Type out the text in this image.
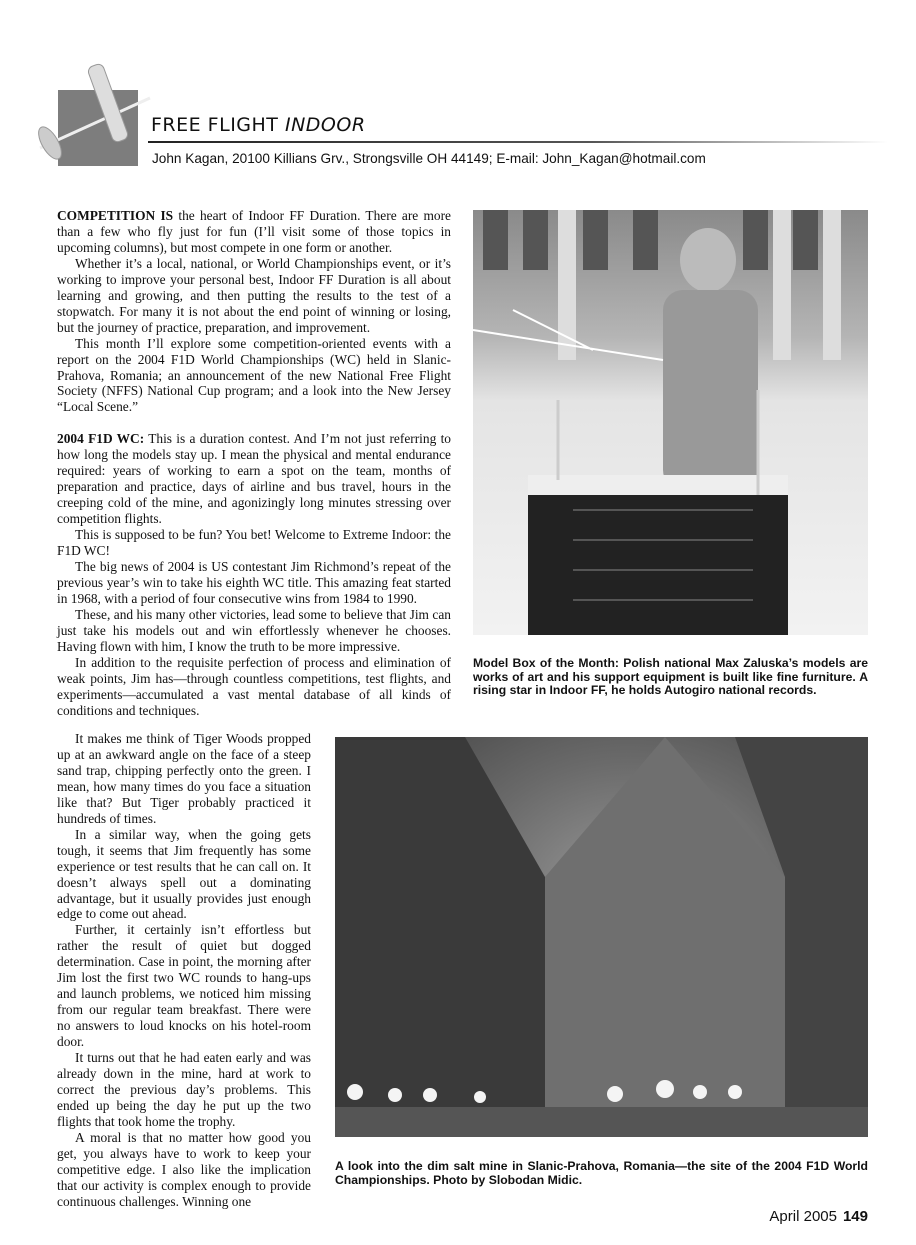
FREE FLIGHT INDOOR
John Kagan, 20100 Killians Grv., Strongsville OH 44149; E-mail: John_Kagan@hotmail.com

COMPETITION IS the heart of Indoor FF Duration. There are more than a few who fly just for fun (I’ll visit some of those topics in upcoming columns), but most compete in one form or another.

Whether it’s a local, national, or World Championships event, or it’s working to improve your personal best, Indoor FF Duration is all about learning and growing, and then putting the results to the test of a stopwatch. For many it is not about the end point of winning or losing, but the journey of practice, preparation, and improvement.

This month I’ll explore some competition-oriented events with a report on the 2004 F1D World Championships (WC) held in Slanic-Prahova, Romania; an announcement of the new National Free Flight Society (NFFS) National Cup program; and a look into the New Jersey “Local Scene.”

2004 F1D WC: This is a duration contest. And I’m not just referring to how long the models stay up. I mean the physical and mental endurance required: years of working to earn a spot on the team, months of preparation and practice, days of airline and bus travel, hours in the creeping cold of the mine, and agonizingly long minutes stressing over competition flights.

This is supposed to be fun? You bet! Welcome to Extreme Indoor: the F1D WC!

The big news of 2004 is US contestant Jim Richmond’s repeat of the previous year’s win to take his eighth WC title. This amazing feat started in 1968, with a period of four consecutive wins from 1984 to 1990.

These, and his many other victories, lead some to believe that Jim can just take his models out and win effortlessly whenever he chooses. Having flown with him, I know the truth to be more impressive.

In addition to the requisite perfection of process and elimination of weak points, Jim has—through countless competitions, test flights, and experiments—accumulated a vast mental database of all kinds of conditions and techniques.

It makes me think of Tiger Woods propped up at an awkward angle on the face of a steep sand trap, chipping perfectly onto the green. I mean, how many times do you face a situation like that? But Tiger probably practiced it hundreds of times.

In a similar way, when the going gets tough, it seems that Jim frequently has some experience or test results that he can call on. It doesn’t always spell out a dominating advantage, but it usually provides just enough edge to come out ahead.

Further, it certainly isn’t effortless but rather the result of quiet but dogged determination. Case in point, the morning after Jim lost the first two WC rounds to hang-ups and launch problems, we noticed him missing from our regular team breakfast. There were no answers to loud knocks on his hotel-room door.

It turns out that he had eaten early and was already down in the mine, hard at work to correct the previous day’s problems. This ended up being the day he put up the two flights that took home the trophy.

A moral is that no matter how good you get, you always have to work to keep your competitive edge. I also like the implication that our activity is complex enough to provide continuous challenges. Winning one

Model Box of the Month: Polish national Max Zaluska’s models are works of art and his support equipment is built like fine furniture. A rising star in Indoor FF, he holds Autogiro national records.
A look into the dim salt mine in Slanic-Prahova, Romania—the site of the 2004 F1D World Championships. Photo by Slobodan Midic.
April 2005 149
